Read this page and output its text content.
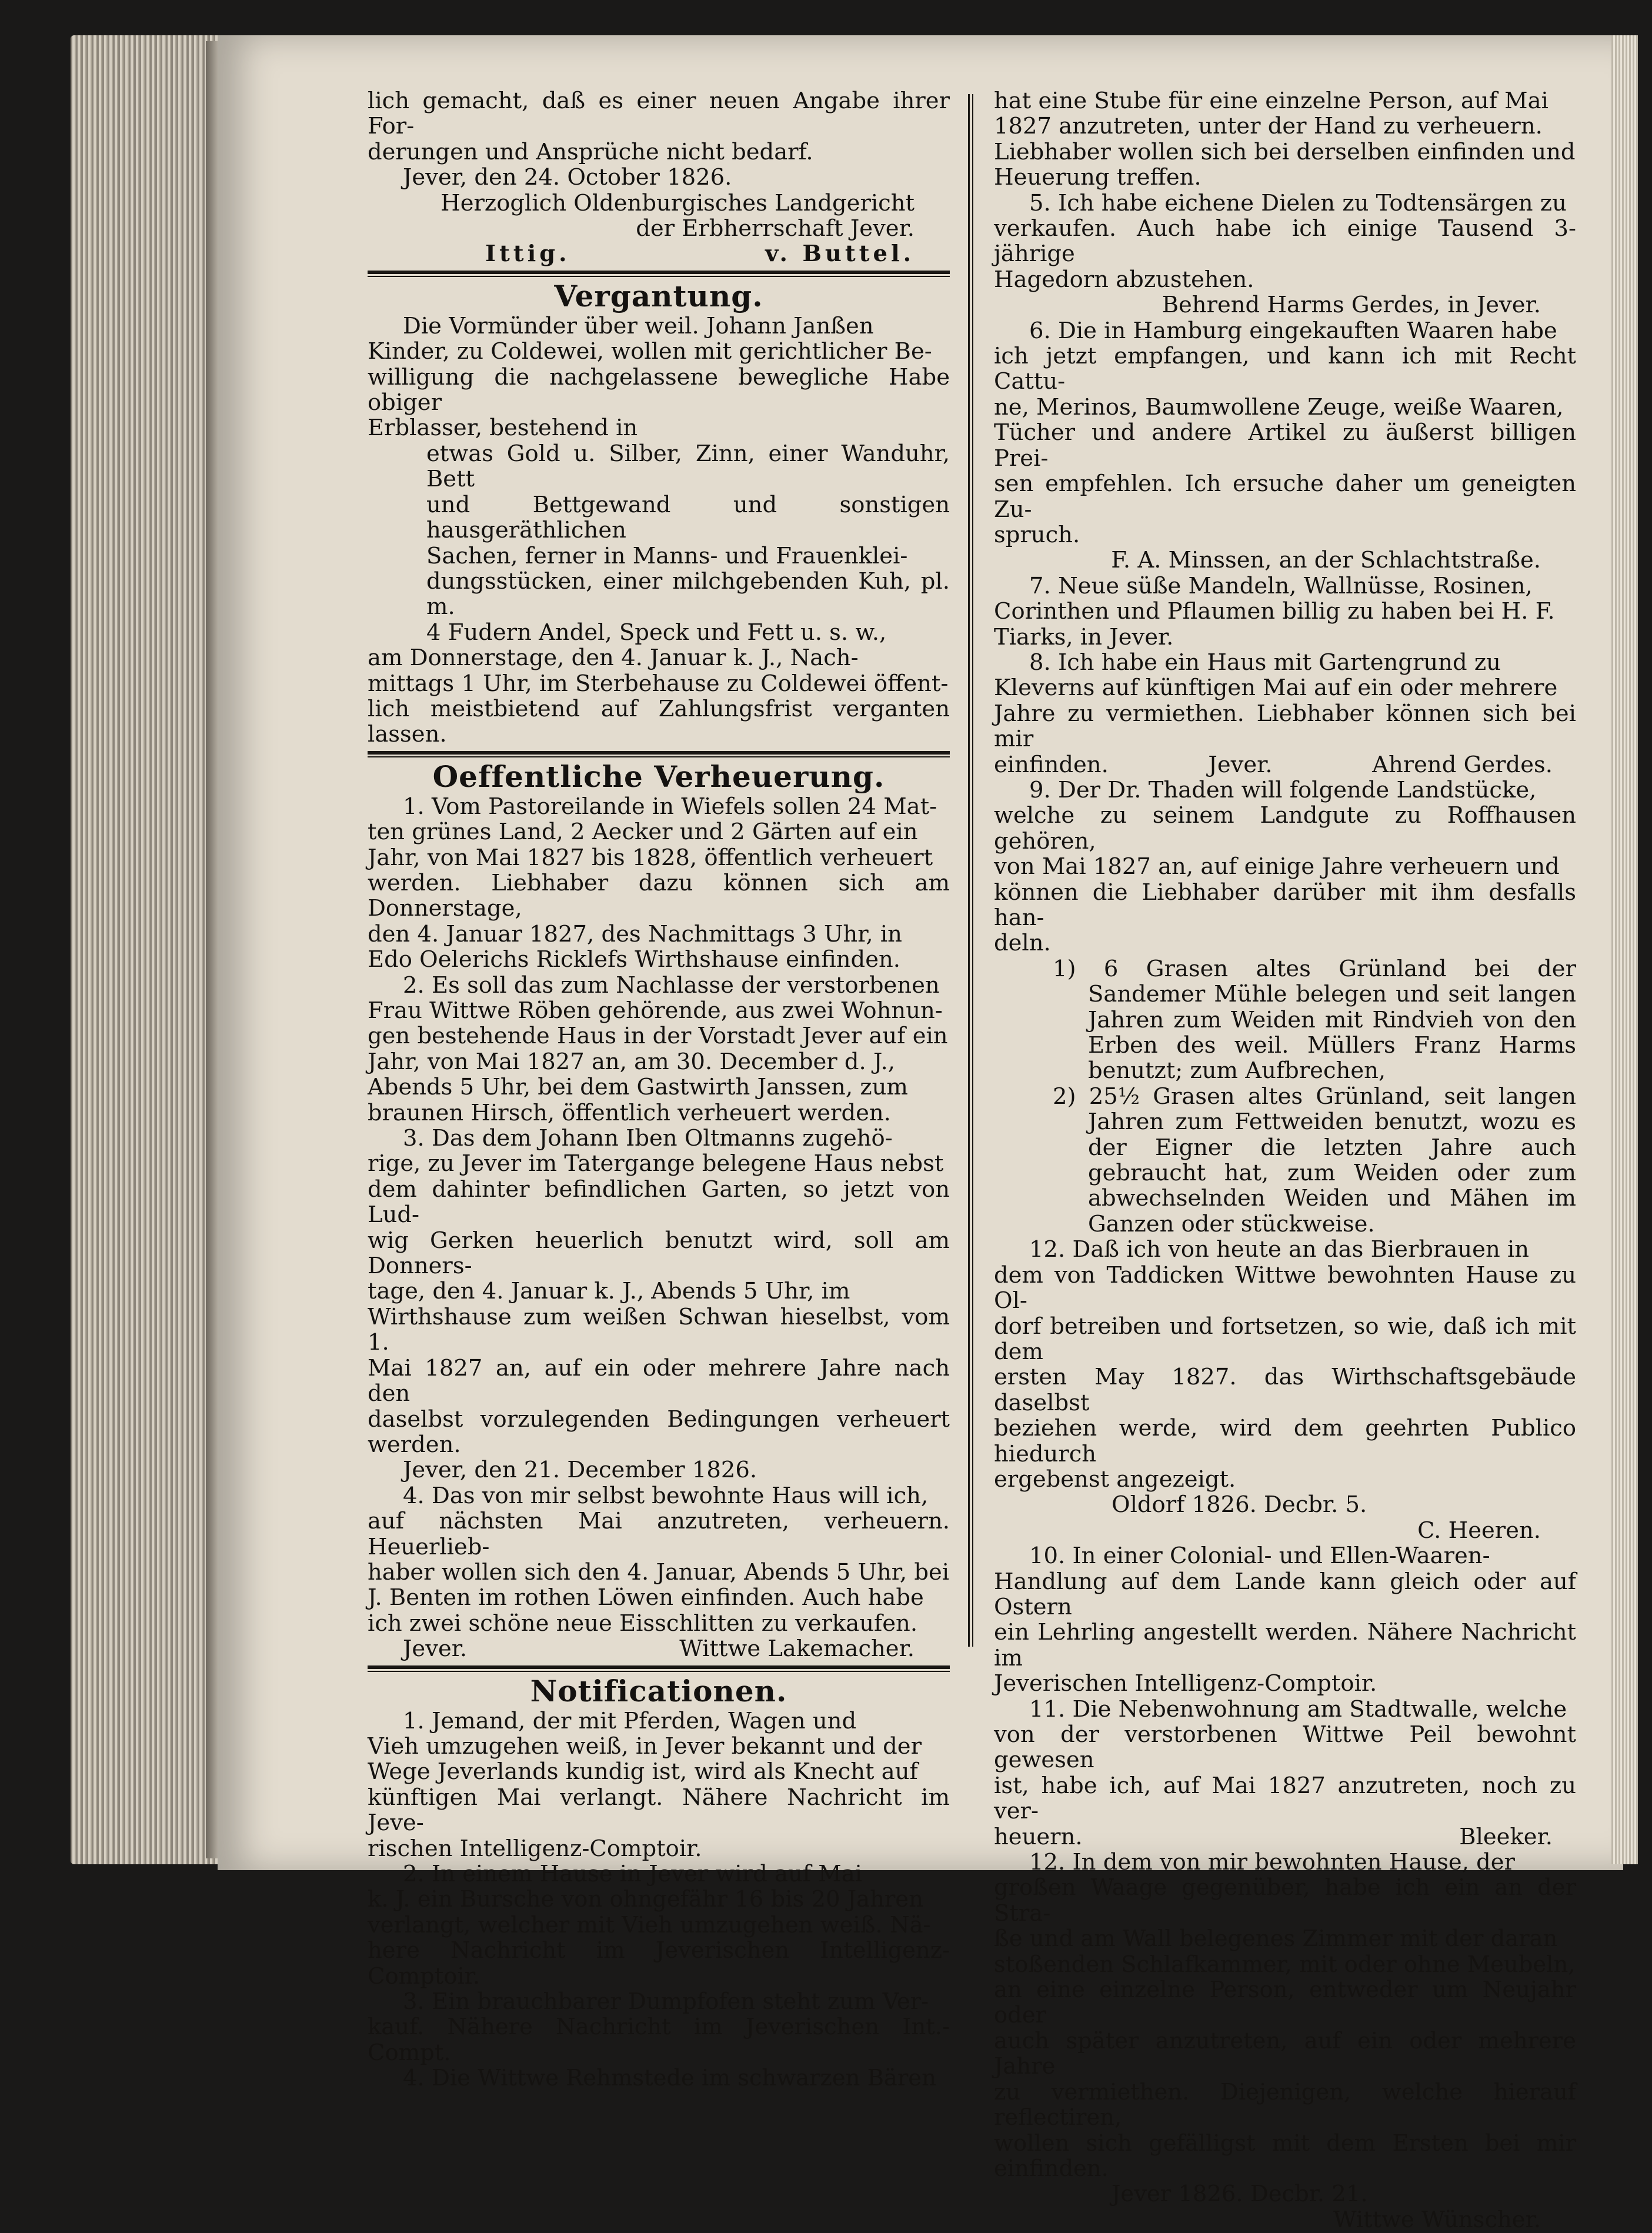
lich gemacht, daß es einer neuen Angabe ihrer For-

derungen und Ansprüche nicht bedarf.

Jever, den 24. October 1826.

Herzoglich Oldenburgisches Landgericht

der Erbherrschaft Jever.

Ittig.	v. Buttel.
Vergantung.

Die Vormünder über weil. Johann Janßen

Kinder, zu Coldewei, wollen mit gerichtlicher Be-

willigung die nachgelassene bewegliche Habe obiger

Erblasser, bestehend in

etwas Gold u. Silber, Zinn, einer Wanduhr, Bett

und Bettgewand und sonstigen hausgeräthlichen

Sachen, ferner in Manns- und Frauenklei-

dungsstücken, einer milchgebenden Kuh, pl. m.

4 Fudern Andel, Speck und Fett u. s. w.,

am Donnerstage, den 4. Januar k. J., Nach-

mittags 1 Uhr, im Sterbehause zu Coldewei öffent-

lich meistbietend auf Zahlungsfrist verganten lassen.

Oeffentliche Verheuerung.

1. Vom Pastoreilande in Wiefels sollen 24 Mat-

ten grünes Land, 2 Aecker und 2 Gärten auf ein

Jahr, von Mai 1827 bis 1828, öffentlich verheuert

werden. Liebhaber dazu können sich am Donnerstage,

den 4. Januar 1827, des Nachmittags 3 Uhr, in

Edo Oelerichs Ricklefs Wirthshause einfinden.

2. Es soll das zum Nachlasse der verstorbenen

Frau Wittwe Röben gehörende, aus zwei Wohnun-

gen bestehende Haus in der Vorstadt Jever auf ein

Jahr, von Mai 1827 an, am 30. December d. J.,

Abends 5 Uhr, bei dem Gastwirth Janssen, zum

braunen Hirsch, öffentlich verheuert werden.

3. Das dem Johann Iben Oltmanns zugehö-

rige, zu Jever im Tatergange belegene Haus nebst

dem dahinter befindlichen Garten, so jetzt von Lud-

wig Gerken heuerlich benutzt wird, soll am Donners-

tage, den 4. Januar k. J., Abends 5 Uhr, im

Wirthshause zum weißen Schwan hieselbst, vom 1.

Mai 1827 an, auf ein oder mehrere Jahre nach den

daselbst vorzulegenden Bedingungen verheuert werden.

Jever, den 21. December 1826.

4. Das von mir selbst bewohnte Haus will ich,

auf nächsten Mai anzutreten, verheuern. Heuerlieb-

haber wollen sich den 4. Januar, Abends 5 Uhr, bei

J. Benten im rothen Löwen einfinden. Auch habe

ich zwei schöne neue Eisschlitten zu verkaufen.

Jever.	Wittwe Lakemacher.
Notificationen.

1. Jemand, der mit Pferden, Wagen und

Vieh umzugehen weiß, in Jever bekannt und der

Wege Jeverlands kundig ist, wird als Knecht auf

künftigen Mai verlangt. Nähere Nachricht im Jeve-

rischen Intelligenz-Comptoir.

2. In einem Hause in Jever wird auf Mai

k. J. ein Bursche von ohngefähr 16 bis 20 Jahren

verlangt, welcher mit Vieh umzugehen weiß. Nä-

here Nachricht im Jeverischen Intelligenz-Comptoir.

3. Ein brauchbarer Dumpfofen steht zum Ver-

kauf. Nähere Nachricht im Jeverischen Int.-Compt.

4. Die Wittwe Rehmstede im schwarzen Bären

hat eine Stube für eine einzelne Person, auf Mai

1827 anzutreten, unter der Hand zu verheuern.

Liebhaber wollen sich bei derselben einfinden und

Heuerung treffen.

5. Ich habe eichene Dielen zu Todtensärgen zu

verkaufen. Auch habe ich einige Tausend 3-jährige

Hagedorn abzustehen.

Behrend Harms Gerdes, in Jever.

6. Die in Hamburg eingekauften Waaren habe

ich jetzt empfangen, und kann ich mit Recht Cattu-

ne, Merinos, Baumwollene Zeuge, weiße Waaren,

Tücher und andere Artikel zu äußerst billigen Prei-

sen empfehlen. Ich ersuche daher um geneigten Zu-

spruch.

F. A. Minssen, an der Schlachtstraße.

7. Neue süße Mandeln, Wallnüsse, Rosinen,

Corinthen und Pflaumen billig zu haben bei H. F.

Tiarks, in Jever.

8. Ich habe ein Haus mit Gartengrund zu

Kleverns auf künftigen Mai auf ein oder mehrere

Jahre zu vermiethen. Liebhaber können sich bei mir

einfinden.	Jever.	Ahrend Gerdes.

9. Der Dr. Thaden will folgende Landstücke,

welche zu seinem Landgute zu Roffhausen gehören,

von Mai 1827 an, auf einige Jahre verheuern und

können die Liebhaber darüber mit ihm desfalls han-

deln.

1) 6 Grasen altes Grünland bei der Sandemer Mühle belegen und seit langen Jahren zum Weiden mit Rindvieh von den Erben des weil. Müllers Franz Harms benutzt; zum Aufbrechen,

2) 25½ Grasen altes Grünland, seit langen Jahren zum Fettweiden benutzt, wozu es der Eigner die letzten Jahre auch gebraucht hat, zum Weiden oder zum abwechselnden Weiden und Mähen im Ganzen oder stückweise.

12. Daß ich von heute an das Bierbrauen in

dem von Taddicken Wittwe bewohnten Hause zu Ol-

dorf betreiben und fortsetzen, so wie, daß ich mit dem

ersten May 1827. das Wirthschaftsgebäude daselbst

beziehen werde, wird dem geehrten Publico hiedurch

ergebenst angezeigt.

Oldorf 1826. Decbr. 5.

C. Heeren.

10. In einer Colonial- und Ellen-Waaren-

Handlung auf dem Lande kann gleich oder auf Ostern

ein Lehrling angestellt werden. Nähere Nachricht im

Jeverischen Intelligenz-Comptoir.

11. Die Nebenwohnung am Stadtwalle, welche

von der verstorbenen Wittwe Peil bewohnt gewesen

ist, habe ich, auf Mai 1827 anzutreten, noch zu ver-

heuern.	Bleeker.

12. In dem von mir bewohnten Hause, der

großen Waage gegenüber, habe ich ein an der Stra-

ße und am Wall belegenes Zimmer mit der daran

stoßenden Schlafkammer, mit oder ohne Meubeln,

an eine einzelne Person, entweder um Neujahr oder

auch später anzutreten, auf ein oder mehrere Jahre

zu vermiethen. Diejenigen, welche hierauf reflectiren,

wollen sich gefälligst mit dem Ersten bei mir einfinden.

Jever 1826. Decbr. 21.

Wittwe Wünscher.
